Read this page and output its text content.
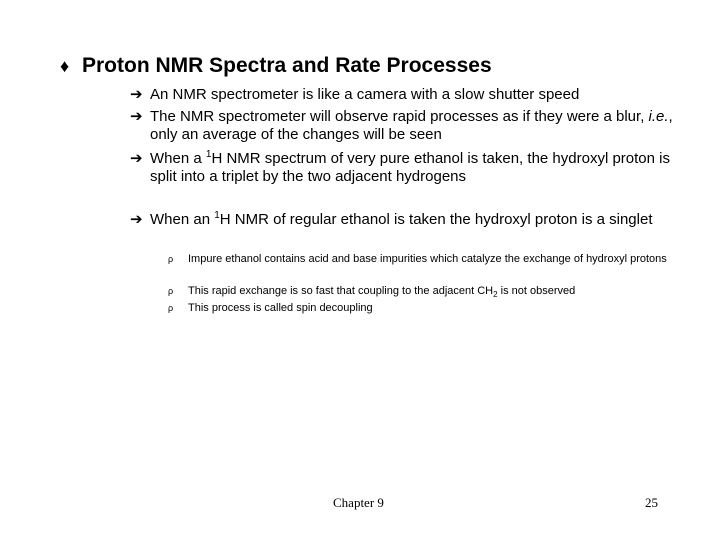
♦ Proton NMR Spectra and Rate Processes
➔ An NMR spectrometer is like a camera with a slow shutter speed
➔ The NMR spectrometer will observe rapid processes as if they were a blur, i.e., only an average of the changes will be seen
➔ When a $^1$H NMR spectrum of very pure ethanol is taken, the hydroxyl proton is split into a triplet by the two adjacent hydrogens
➔ When an $^1$H NMR of regular ethanol is taken the hydroxyl proton is a singlet
ρ Impure ethanol contains acid and base impurities which catalyze the exchange of hydroxyl protons
ρ This rapid exchange is so fast that coupling to the adjacent $CH_2$ is not observed
ρ This process is called spin decoupling
Chapter 9	25
